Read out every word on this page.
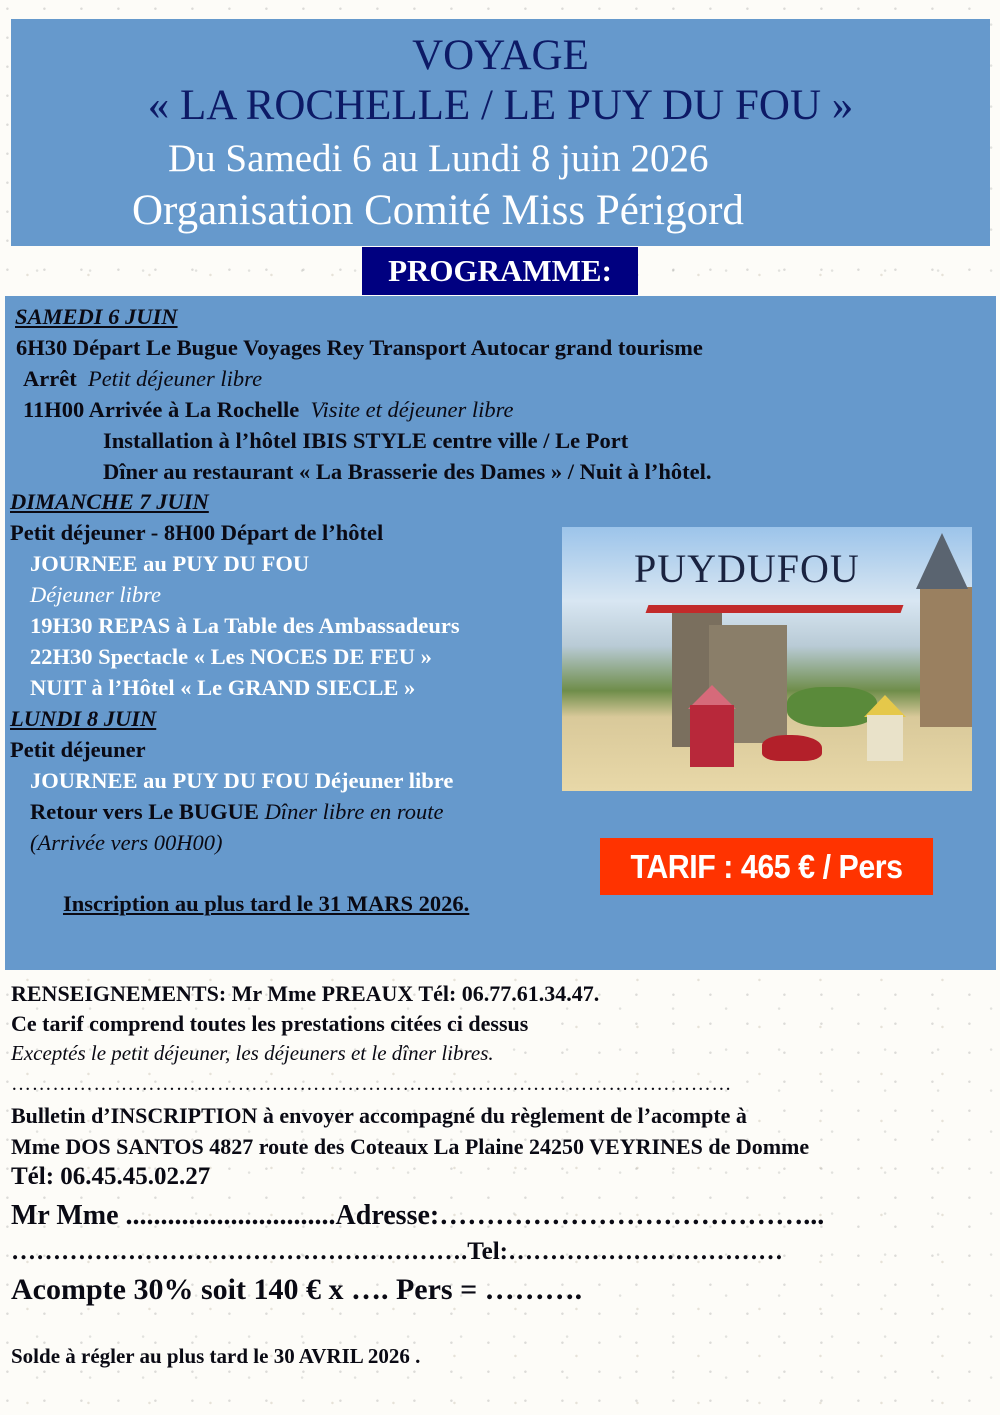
VOYAGE
« LA ROCHELLE / LE PUY DU FOU »
Du Samedi 6 au Lundi 8 juin 2026
Organisation Comité Miss Périgord
PROGRAMME:
SAMEDI 6 JUIN
6H30 Départ Le Bugue Voyages Rey Transport Autocar grand tourisme
Arrêt Petit déjeuner libre
11H00 Arrivée à La Rochelle Visite et déjeuner libre
Installation à l’hôtel IBIS STYLE centre ville / Le Port
Dîner au restaurant « La Brasserie des Dames » / Nuit à l’hôtel.
DIMANCHE 7 JUIN
Petit déjeuner - 8H00 Départ de l’hôtel
JOURNEE au PUY DU FOU
Déjeuner libre
19H30 REPAS à La Table des Ambassadeurs
22H30 Spectacle « Les NOCES DE FEU »
NUIT à l’Hôtel « Le GRAND SIECLE »
LUNDI 8 JUIN
Petit déjeuner
JOURNEE au PUY DU FOU Déjeuner libre
Retour vers Le BUGUE Dîner libre en route
(Arrivée vers 00H00)
PUYDUFOU
TARIF : 465 € / Pers
Inscription au plus tard le 31 MARS 2026.
RENSEIGNEMENTS: Mr Mme PREAUX Tél: 06.77.61.34.47.
Ce tarif comprend toutes les prestations citées ci dessus
Exceptés le petit déjeuner, les déjeuners et le dîner libres.
……………………………………………………………………………………………
Bulletin d’INSCRIPTION à envoyer accompagné du règlement de l’acompte à
Mme DOS SANTOS 4827 route des Coteaux La Plaine 24250 VEYRINES de Domme
Tél: 06.45.45.02.27
Mr Mme ..............................Adresse:…………………………………...
……………………………………………….Tel:……………………………
Acompte 30% soit 140 € x …. Pers = ……….
Solde à régler au plus tard le 30 AVRIL 2026 .
